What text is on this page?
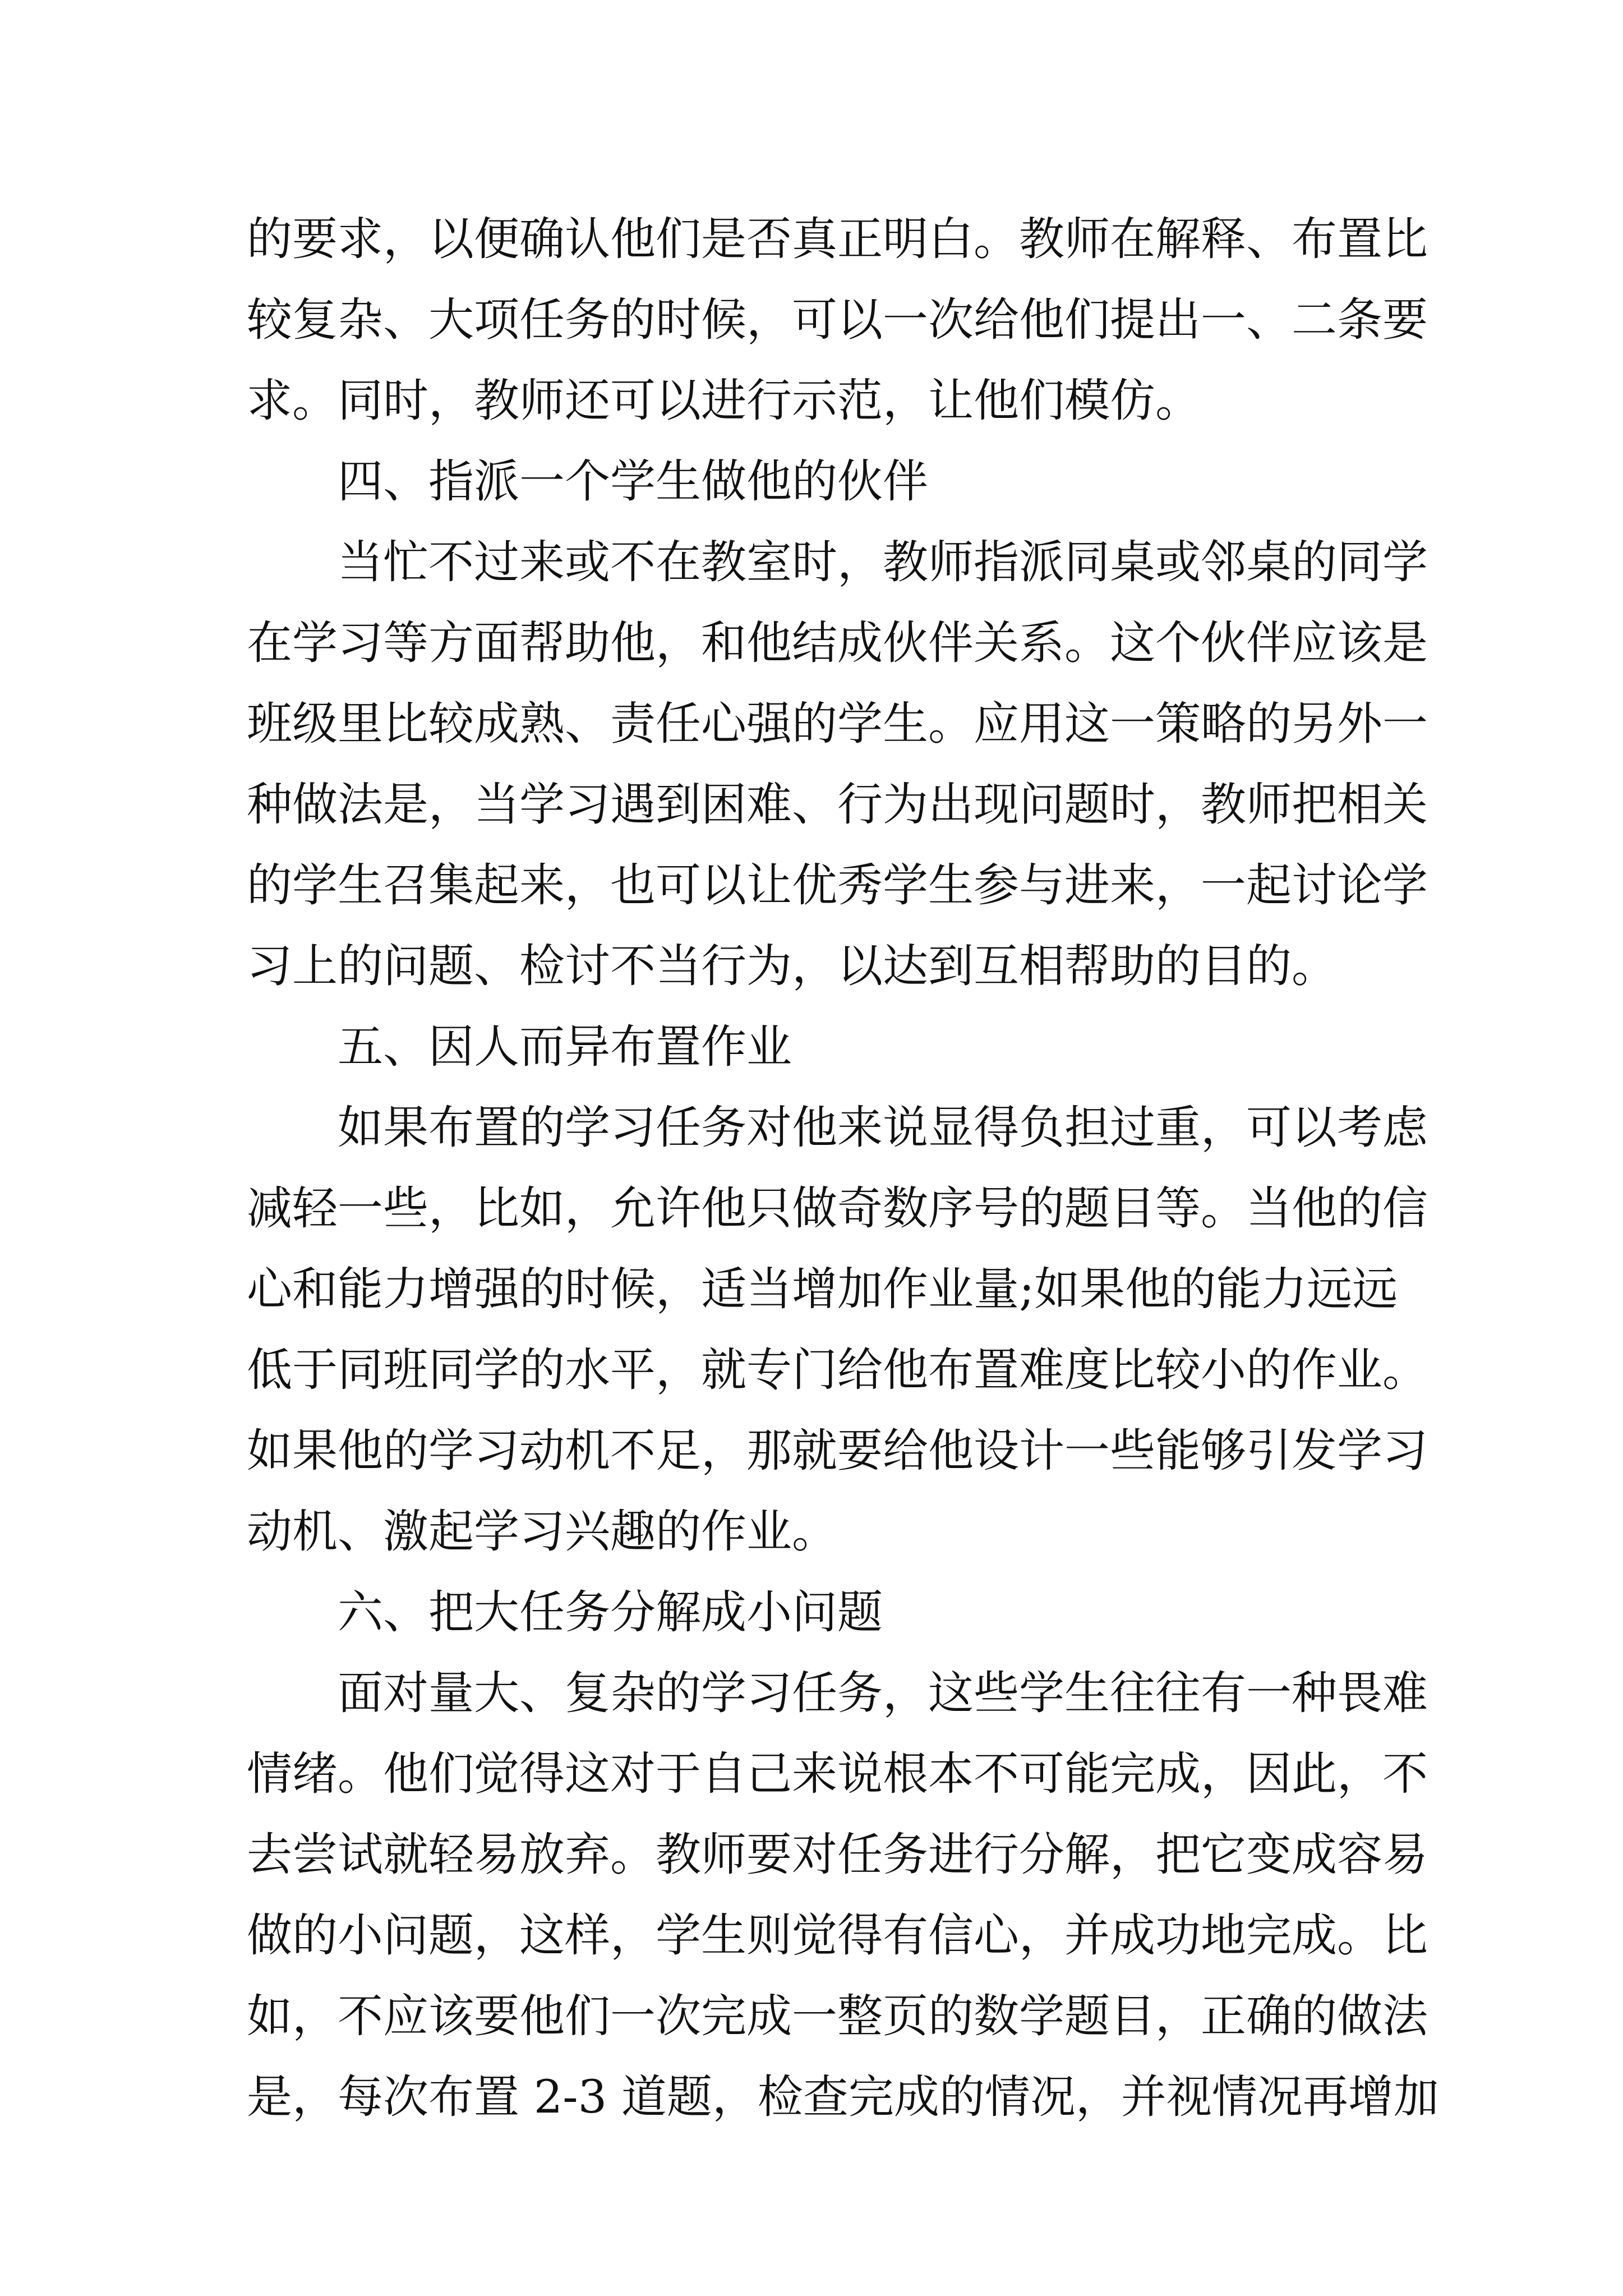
的要求，以便确认他们是否真正明白。教师在解释、布置比
较复杂、大项任务的时候，可以一次给他们提出一、二条要
求。同时，教师还可以进行示范，让他们模仿。
四、指派一个学生做他的伙伴
当忙不过来或不在教室时，教师指派同桌或邻桌的同学
在学习等方面帮助他，和他结成伙伴关系。这个伙伴应该是
班级里比较成熟、责任心强的学生。应用这一策略的另外一
种做法是，当学习遇到困难、行为出现问题时，教师把相关
的学生召集起来，也可以让优秀学生参与进来，一起讨论学
习上的问题、检讨不当行为，以达到互相帮助的目的。
五、因人而异布置作业
如果布置的学习任务对他来说显得负担过重，可以考虑
减轻一些，比如，允许他只做奇数序号的题目等。当他的信
心和能力增强的时候，适当增加作业量;如果他的能力远远
低于同班同学的水平，就专门给他布置难度比较小的作业。
如果他的学习动机不足，那就要给他设计一些能够引发学习
动机、激起学习兴趣的作业。
六、把大任务分解成小问题
面对量大、复杂的学习任务，这些学生往往有一种畏难
情绪。他们觉得这对于自己来说根本不可能完成，因此，不
去尝试就轻易放弃。教师要对任务进行分解，把它变成容易
做的小问题，这样，学生则觉得有信心，并成功地完成。比
如，不应该要他们一次完成一整页的数学题目，正确的做法
是，每次布置 2-3 道题，检查完成的情况，并视情况再增加
